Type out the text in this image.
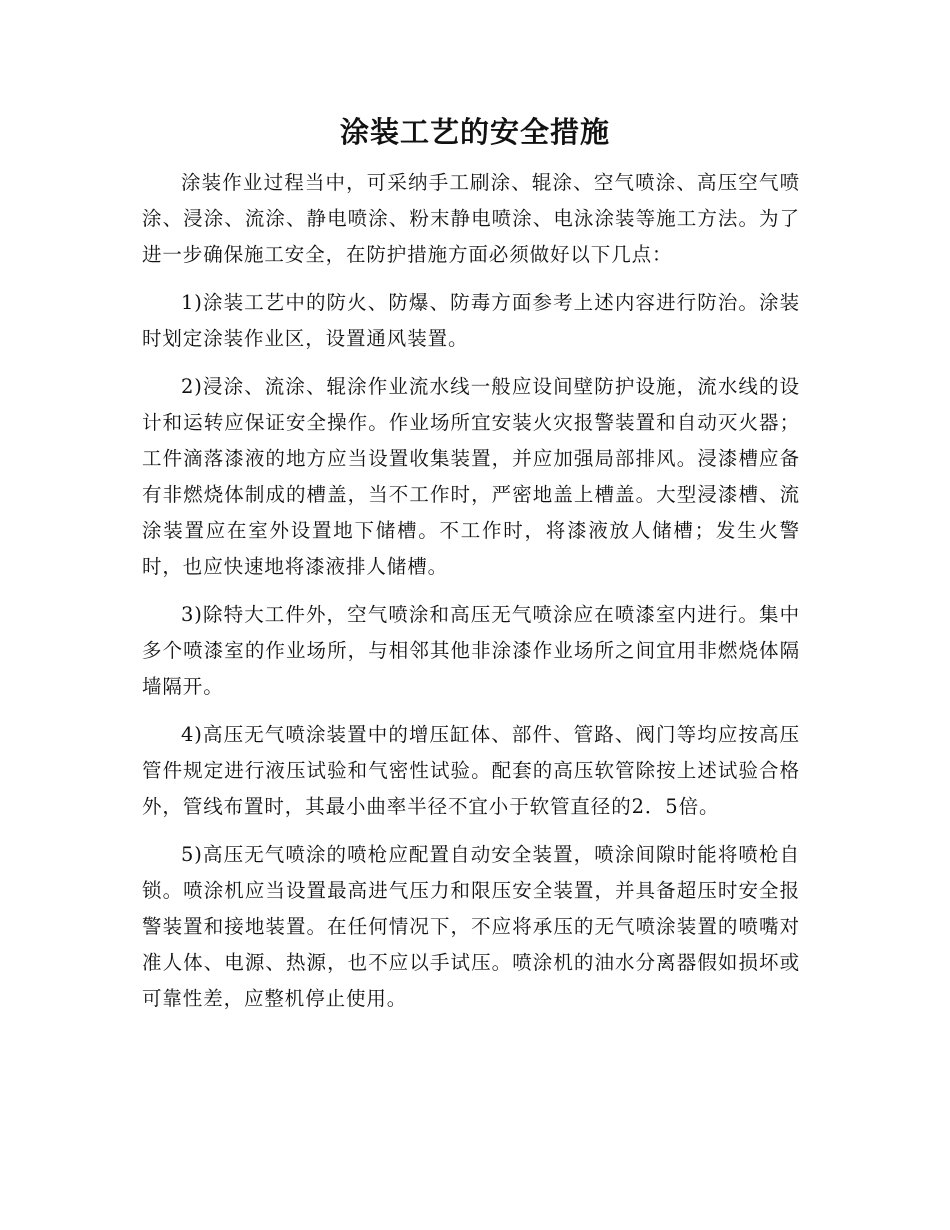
涂装工艺的安全措施

涂装作业过程当中，可采纳手工刷涂、辊涂、空气喷涂、高压空气喷涂、浸涂、流涂、静电喷涂、粉末静电喷涂、电泳涂装等施工方法。为了进一步确保施工安全，在防护措施方面必须做好以下几点：

1)涂装工艺中的防火、防爆、防毒方面参考上述内容进行防治。涂装时划定涂装作业区，设置通风装置。

2)浸涂、流涂、辊涂作业流水线一般应设间壁防护设施，流水线的设计和运转应保证安全操作。作业场所宜安装火灾报警装置和自动灭火器；工件滴落漆液的地方应当设置收集装置，并应加强局部排风。浸漆槽应备有非燃烧体制成的槽盖，当不工作时，严密地盖上槽盖。大型浸漆槽、流涂装置应在室外设置地下储槽。不工作时，将漆液放人储槽；发生火警时，也应快速地将漆液排人储槽。

3)除特大工件外，空气喷涂和高压无气喷涂应在喷漆室内进行。集中多个喷漆室的作业场所，与相邻其他非涂漆作业场所之间宜用非燃烧体隔墙隔开。

4)高压无气喷涂装置中的增压缸体、部件、管路、阀门等均应按高压管件规定进行液压试验和气密性试验。配套的高压软管除按上述试验合格外，管线布置时，其最小曲率半径不宜小于软管直径的2．5倍。

5)高压无气喷涂的喷枪应配置自动安全装置，喷涂间隙时能将喷枪自锁。喷涂机应当设置最高进气压力和限压安全装置，并具备超压时安全报警装置和接地装置。在任何情况下，不应将承压的无气喷涂装置的喷嘴对准人体、电源、热源，也不应以手试压。喷涂机的油水分离器假如损坏或可靠性差，应整机停止使用。
